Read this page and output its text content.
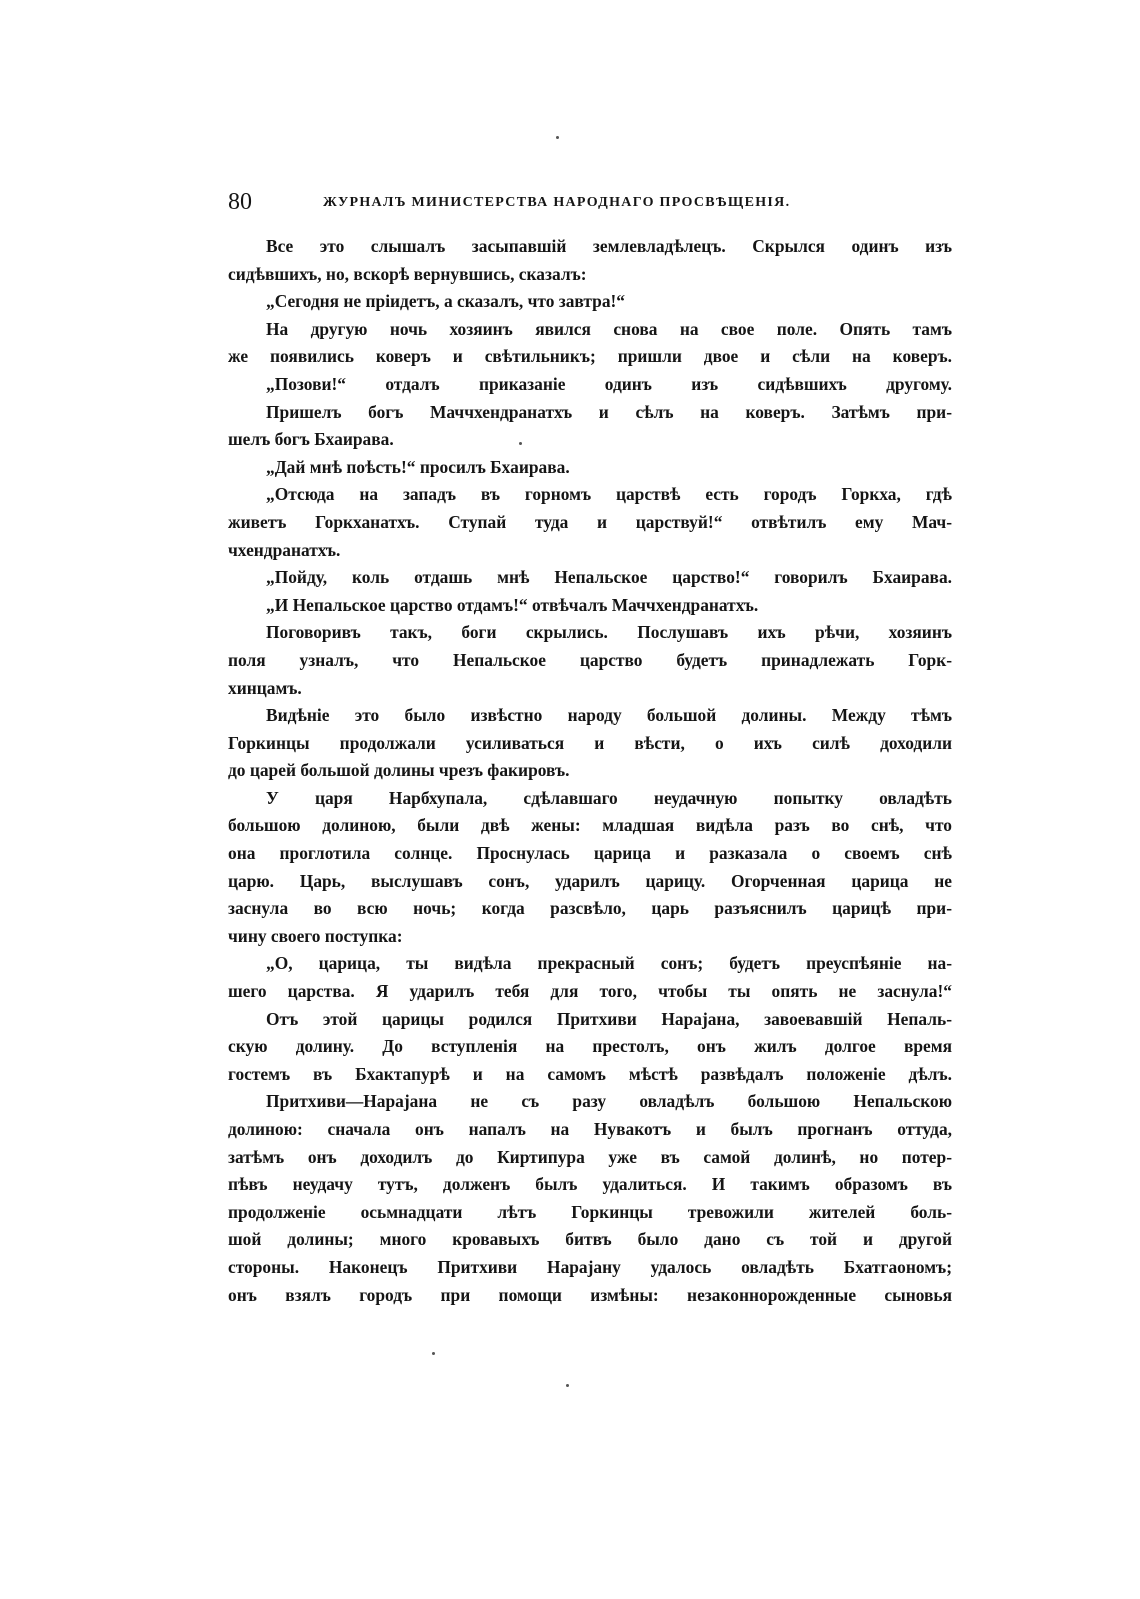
80	ЖУРНАЛЪ МИНИСТЕРСТВА НАРОДНАГО ПРОСВѢЩЕНІЯ.
Все это слышалъ засыпавшій землевладѣлецъ. Скрылся одинъ изъ
сидѣвшихъ, но, вскорѣ вернувшись, сказалъ:
„Сегодня не пріидетъ, а сказалъ, что завтра!“
На другую ночь хозяинъ явился снова на свое поле. Опять тамъ
же появились коверъ и свѣтильникъ; пришли двое и сѣли на коверъ.
„Позови!“ отдалъ приказаніе одинъ изъ сидѣвшихъ другому.
Пришелъ богъ Маччхендранатхъ и сѣлъ на коверъ. Затѣмъ при-
шелъ богъ Бхаирава.
„Дай мнѣ поѣсть!“ просилъ Бхаирава.
„Отсюда на западъ въ горномъ царствѣ есть городъ Горкха, гдѣ
живетъ Горкханатхъ. Ступай туда и царствуй!“ отвѣтилъ ему Мач-
чхендранатхъ.
„Пойду, коль отдашь мнѣ Непальское царство!“ говорилъ Бхаирава.
„И Непальское царство отдамъ!“ отвѣчалъ Маччхендранатхъ.
Поговоривъ такъ, боги скрылись. Послушавъ ихъ рѣчи, хозяинъ
поля узналъ, что Непальское царство будетъ принадлежать Горк-
хинцамъ.
Видѣніе это было извѣстно народу большой долины. Между тѣмъ
Горкинцы продолжали усиливаться и вѣсти, о ихъ силѣ доходили
до царей большой долины чрезъ факировъ.
У царя Нарбхупала, сдѣлавшаго неудачную попытку овладѣть
большою долиною, были двѣ жены: младшая видѣла разъ во снѣ, что
она проглотила солнце. Проснулась царица и разказала о своемъ снѣ
царю. Царь, выслушавъ сонъ, ударилъ царицу. Огорченная царица не
заснула во всю ночь; когда разсвѣло, царь разъяснилъ царицѣ при-
чину своего поступка:
„О, царица, ты видѣла прекрасный сонъ; будетъ преуспѣяніе на-
шего царства. Я ударилъ тебя для того, чтобы ты опять не заснула!“
Отъ этой царицы родился Притхиви Нарајана, завоевавшій Непаль-
скую долину. До вступленія на престолъ, онъ жилъ долгое время
гостемъ въ Бхактапурѣ и на самомъ мѣстѣ развѣдалъ положеніе дѣлъ.
Притхиви—Нарајана не съ разу овладѣлъ большою Непальскою
долиною: сначала онъ напалъ на Нувакотъ и былъ прогнанъ оттуда,
затѣмъ онъ доходилъ до Киртипура уже въ самой долинѣ, но потер-
пѣвъ неудачу тутъ, долженъ былъ удалиться. И такимъ образомъ въ
продолженіе осьмнадцати лѣтъ Горкинцы тревожили жителей боль-
шой долины; много кровавыхъ битвъ было дано съ той и другой
стороны. Наконецъ Притхиви Нарајану удалось овладѣть Бхатгаономъ;
онъ взялъ городъ при помощи измѣны: незаконнорожденные сыновья
